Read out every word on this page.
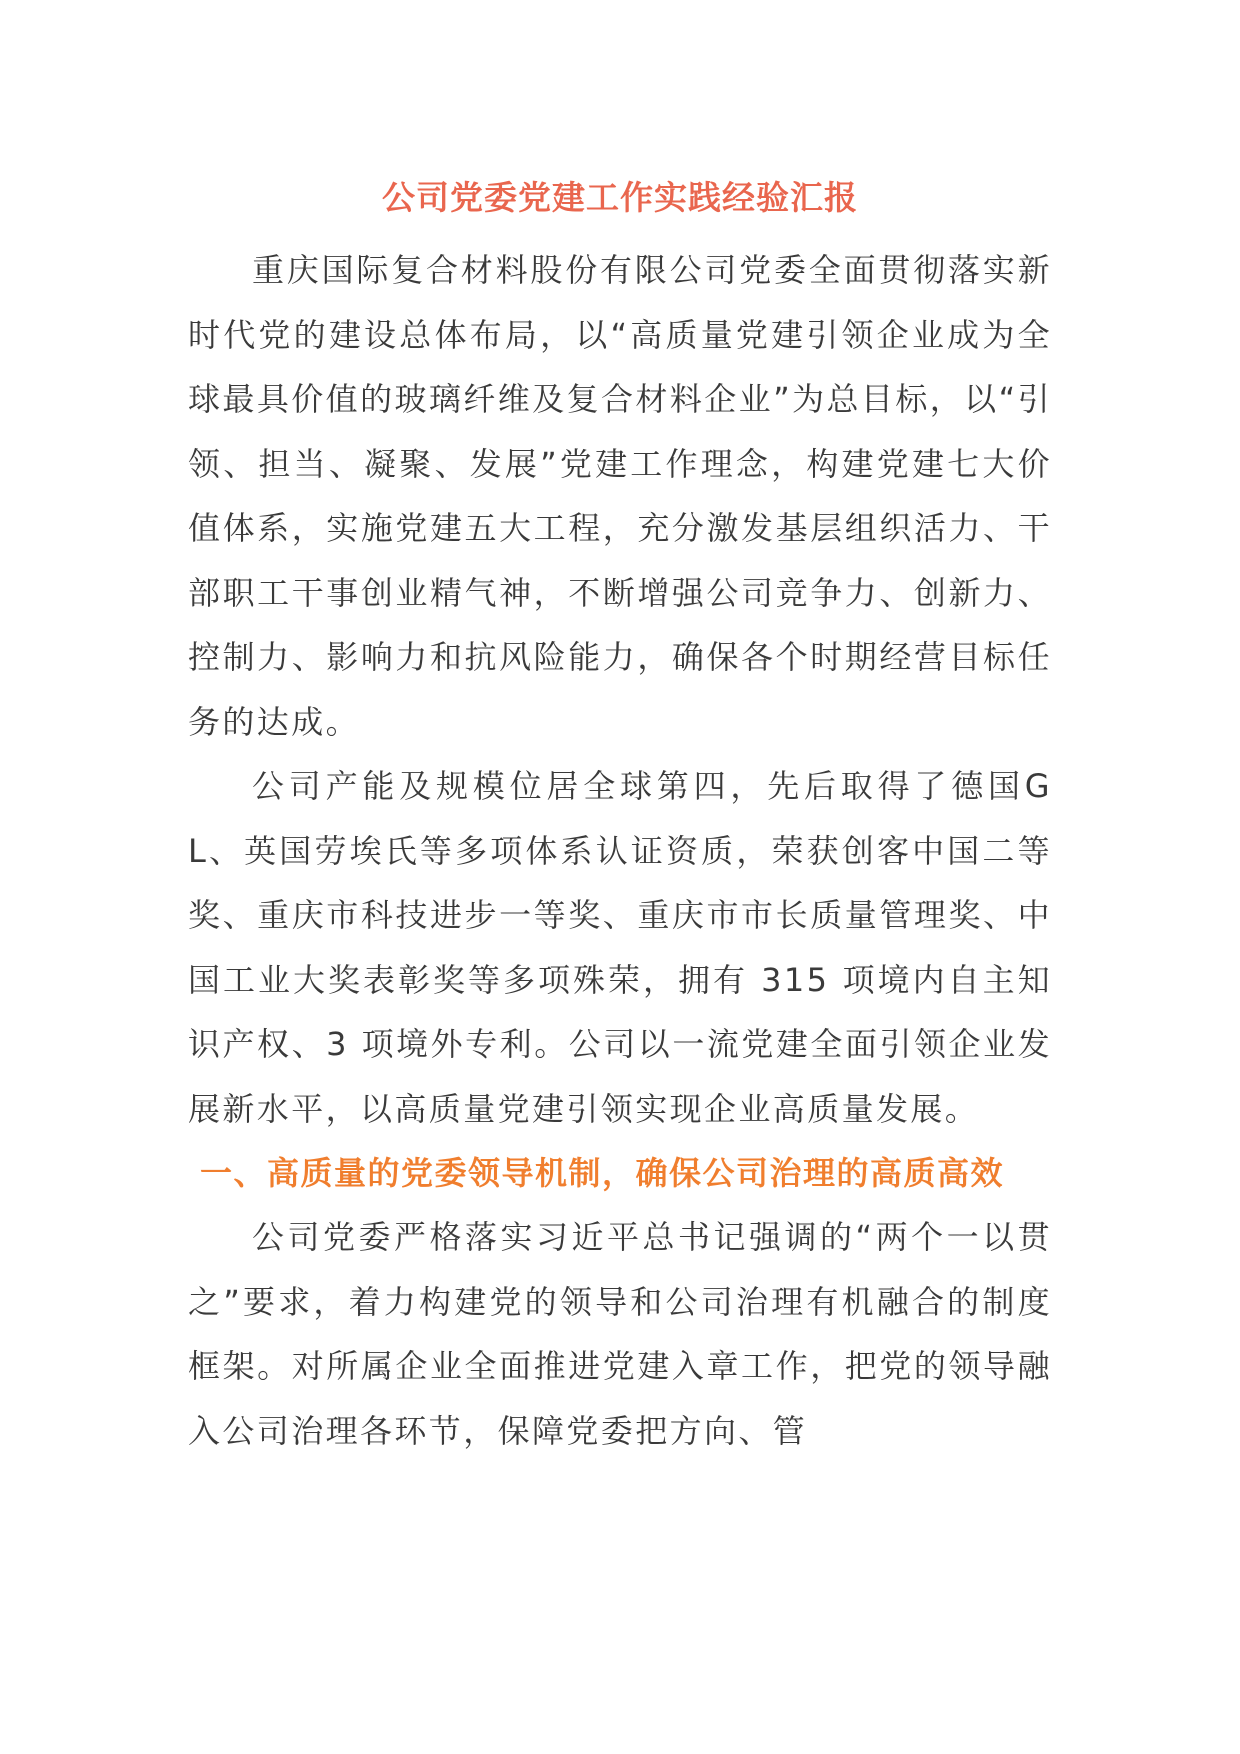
公司党委党建工作实践经验汇报

重庆国际复合材料股份有限公司党委全面贯彻落实新时代党的建设总体布局，以“高质量党建引领企业成为全球最具价值的玻璃纤维及复合材料企业”为总目标，以“引领、担当、凝聚、发展”党建工作理念，构建党建七大价值体系，实施党建五大工程，充分激发基层组织活力、干部职工干事创业精气神，不断增强公司竞争力、创新力、控制力、影响力和抗风险能力，确保各个时期经营目标任务的达成。

公司产能及规模位居全球第四，先后取得了德国GL、英国劳埃氏等多项体系认证资质，荣获创客中国二等奖、重庆市科技进步一等奖、重庆市市长质量管理奖、中国工业大奖表彰奖等多项殊荣，拥有 315 项境内自主知识产权、3 项境外专利。公司以一流党建全面引领企业发展新水平，以高质量党建引领实现企业高质量发展。

一、高质量的党委领导机制，确保公司治理的高质高效

公司党委严格落实习近平总书记强调的“两个一以贯之”要求，着力构建党的领导和公司治理有机融合的制度框架。对所属企业全面推进党建入章工作，把党的领导融入公司治理各环节，保障党委把方向、管
